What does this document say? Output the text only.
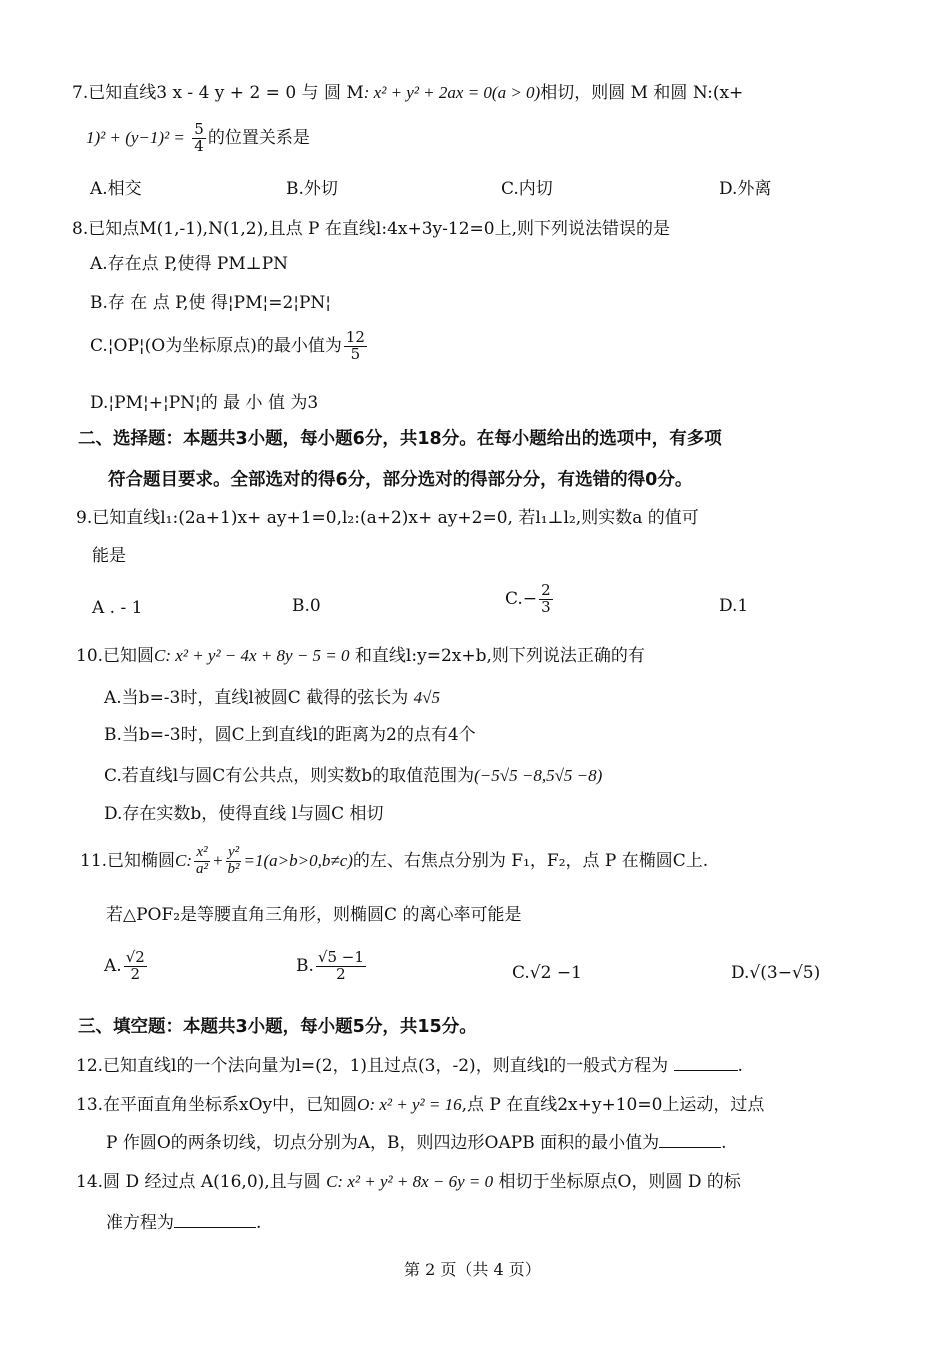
7.已知直线3 x - 4 y + 2 = 0 与 圆 M: x² + y² + 2ax = 0(a > 0)相切，则圆 M 和圆 N:(x+
$1)^2 + (y-1)^2 = \frac{5}{4}$ 的位置关系是
A.相交	B.外切	C.内切	D.外离
8.已知点M(1,-1),N(1,2),且点 P 在直线l:4x+3y-12=0上,则下列说法错误的是
A.存在点 P,使得 PM⊥PN
B.存 在 点 P,使 得¦PM¦=2¦PN¦
C.¦OP¦(O为坐标原点)的最小值为 $\frac{12}{5}$
D.¦PM¦+¦PN¦的 最 小 值 为3
二、选择题：本题共3小题，每小题6分，共18分。在每小题给出的选项中，有多项
符合题目要求。全部选对的得6分，部分选对的得部分分，有选错的得0分。
9.已知直线l₁:(2a+1)x+ ay+1=0,l₂:(a+2)x+ ay+2=0, 若l₁⊥l₂,则实数a 的值可
能是
A . - 1	B.0	$C.- \frac{2}{3}$	D.1
10.已知圆C: x² + y² − 4x + 8y − 5 = 0 和直线l:y=2x+b,则下列说法正确的有
A.当b=-3时，直线l被圆C 截得的弦长为 4√5
B.当b=-3时，圆C上到直线l的距离为2的点有4个
C.若直线l与圆C有公共点，则实数b的取值范围为(−5√5 −8,5√5 −8)
D.存在实数b，使得直线 l与圆C 相切
11.已知椭圆C: $\frac{\text{x²}}{\text{a²}} + \frac{\text{y²}}{\text{b²}} =1(a>b>0,b\ne c)$的左、右焦点分别为 F₁，F₂，点 P 在椭圆C上.
若△POF₂是等腰直角三角形，则椭圆C 的离心率可能是
A. $\frac{√2}{2}$	B. $\frac{√5 -1}{2}$	C.√2 −1	D.√(3−√5)
三、填空题：本题共3小题，每小题5分，共15分。
12.已知直线l的一个法向量为l=(2，1)且过点(3，-2)，则直线l的一般式方程为	.
13.在平面直角坐标系xOy中，已知圆O: x² + y² = 16,点 P 在直线2x+y+10=0上运动，过点
P 作圆O的两条切线，切点分别为A，B，则四边形OAPB 面积的最小值为	.
14.圆 D 经过点 A(16,0),且与圆 C: x² + y² + 8x − 6y = 0 相切于坐标原点O，则圆 D 的标
准方程为	.
第 2 页（共 4 页）
